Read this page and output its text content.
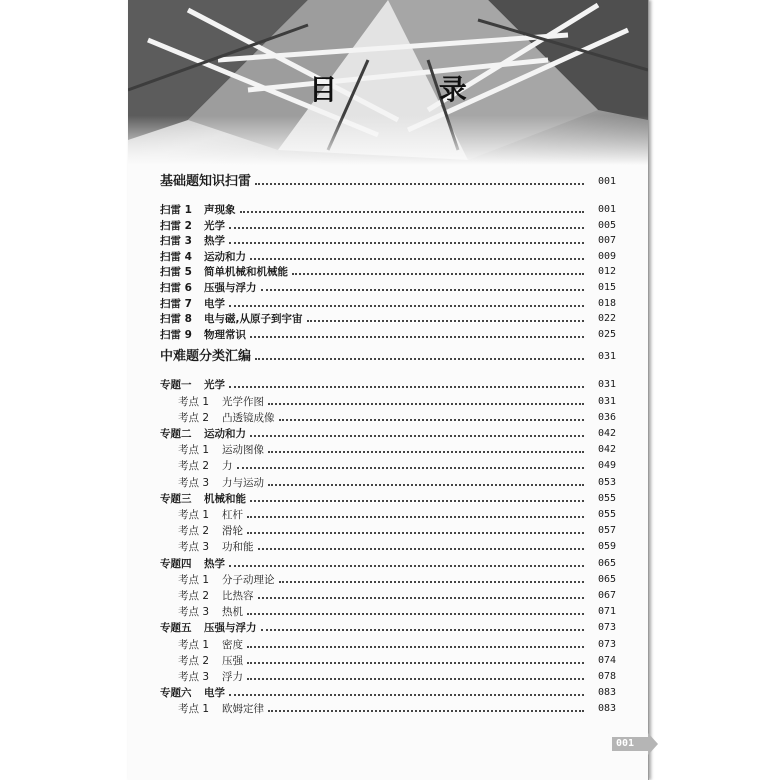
目 录
基础题知识扫雷	001
扫雷 1 声现象	001
扫雷 2 光学	005
扫雷 3 热学	007
扫雷 4 运动和力	009
扫雷 5 简单机械和机械能	012
扫雷 6 压强与浮力	015
扫雷 7 电学	018
扫雷 8 电与磁,从原子到宇宙	022
扫雷 9 物理常识	025
中难题分类汇编	031
专题一 光学	031
考点 1 光学作图	031
考点 2 凸透镜成像	036
专题二 运动和力	042
考点 1 运动图像	042
考点 2 力	049
考点 3 力与运动	053
专题三 机械和能	055
考点 1 杠杆	055
考点 2 滑轮	057
考点 3 功和能	059
专题四 热学	065
考点 1 分子动理论	065
考点 2 比热容	067
考点 3 热机	071
专题五 压强与浮力	073
考点 1 密度	073
考点 2 压强	074
考点 3 浮力	078
专题六 电学	083
考点 1 欧姆定律	083
001
